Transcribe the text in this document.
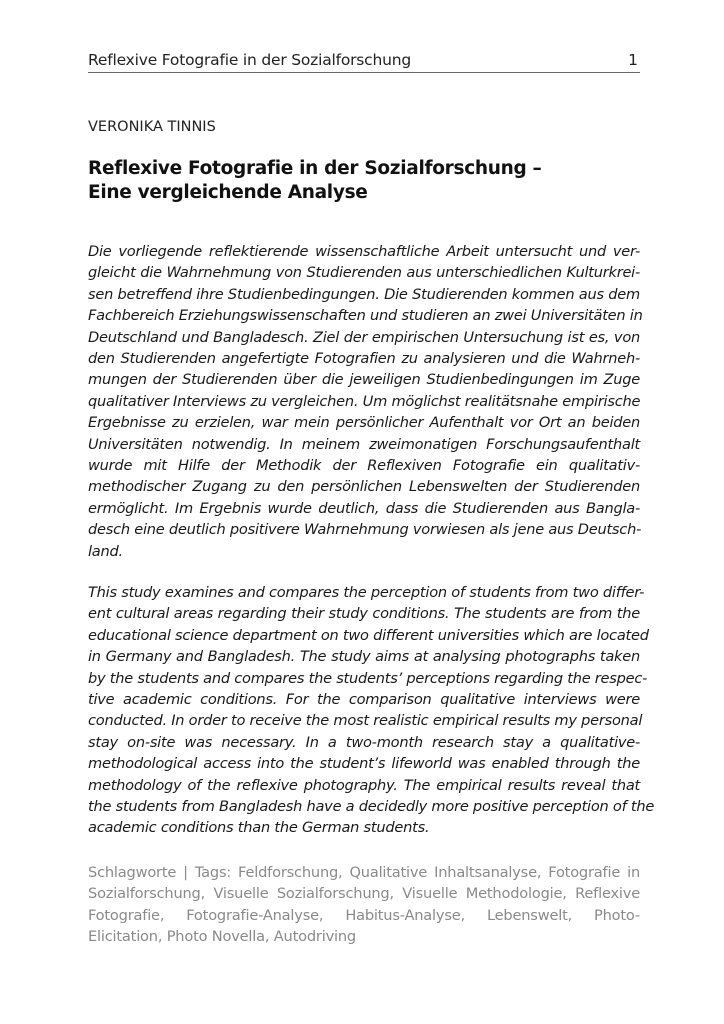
Reflexive Fotografie in der Sozialforschung	1
VERONIKA TINNIS
Reflexive Fotografie in der Sozialforschung –
Eine vergleichende Analyse
Die vorliegende reflektierende wissenschaftliche Arbeit untersucht und ver-
gleicht die Wahrnehmung von Studierenden aus unterschiedlichen Kulturkrei-
sen betreffend ihre Studienbedingungen. Die Studierenden kommen aus dem
Fachbereich Erziehungswissenschaften und studieren an zwei Universitäten in
Deutschland und Bangladesch. Ziel der empirischen Untersuchung ist es, von
den Studierenden angefertigte Fotografien zu analysieren und die Wahrneh-
mungen der Studierenden über die jeweiligen Studienbedingungen im Zuge
qualitativer Interviews zu vergleichen. Um möglichst realitätsnahe empirische
Ergebnisse zu erzielen, war mein persönlicher Aufenthalt vor Ort an beiden
Universitäten notwendig. In meinem zweimonatigen Forschungsaufenthalt
wurde mit Hilfe der Methodik der Reflexiven Fotografie ein qualitativ-
methodischer Zugang zu den persönlichen Lebenswelten der Studierenden
ermöglicht. Im Ergebnis wurde deutlich, dass die Studierenden aus Bangla-
desch eine deutlich positivere Wahrnehmung vorwiesen als jene aus Deutsch-
land.
This study examines and compares the perception of students from two differ-
ent cultural areas regarding their study conditions. The students are from the
educational science department on two different universities which are located
in Germany and Bangladesh. The study aims at analysing photographs taken
by the students and compares the students’ perceptions regarding the respec-
tive academic conditions. For the comparison qualitative interviews were
conducted. In order to receive the most realistic empirical results my personal
stay on-site was necessary. In a two-month research stay a qualitative-
methodological access into the student’s lifeworld was enabled through the
methodology of the reflexive photography. The empirical results reveal that
the students from Bangladesh have a decidedly more positive perception of the
academic conditions than the German students.
Schlagworte | Tags: Feldforschung, Qualitative Inhaltsanalyse, Fotografie in
Sozialforschung, Visuelle Sozialforschung, Visuelle Methodologie, Reflexive
Fotografie, Fotografie-Analyse, Habitus-Analyse, Lebenswelt, Photo-
Elicitation, Photo Novella, Autodriving
